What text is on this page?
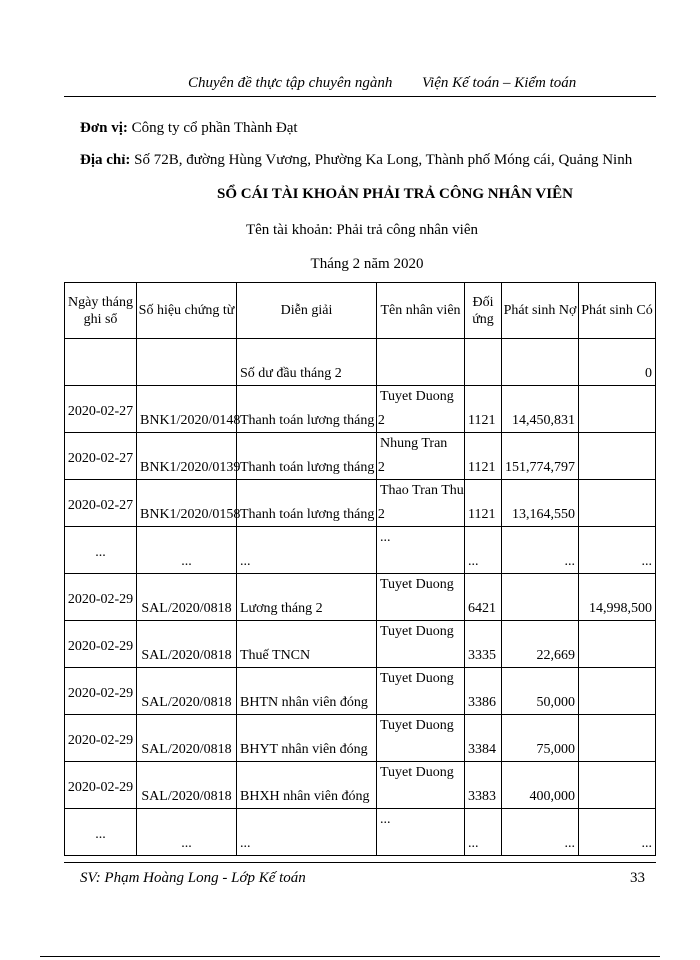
Chuyên đề thực tập chuyên ngành Viện Kế toán – Kiểm toán
Đơn vị: Công ty cổ phần Thành Đạt
Địa chỉ: Số 72B, đường Hùng Vương, Phường Ka Long, Thành phố Móng cái, Quảng Ninh
SỔ CÁI TÀI KHOẢN PHẢI TRẢ CÔNG NHÂN VIÊN
Tên tài khoản: Phải trả công nhân viên
Tháng 2 năm 2020
Ngày tháng ghi sổ	Số hiệu chứng từ	Diễn giải	Tên nhân viên	Đối ứng	Phát sinh Nợ	Phát sinh Có

		Số dư đầu tháng 2				0

2020-02-27	BNK1/2020/0148	Thanh toán lương tháng 2	Tuyet Duong	1121	14,450,831	

2020-02-27	BNK1/2020/0139	Thanh toán lương tháng 2	Nhung Tran	1121	151,774,797	

2020-02-27	BNK1/2020/0158	Thanh toán lương tháng 2	Thao Tran Thu	1121	13,164,550	

...	...	...	...	...	...	...

2020-02-29	SAL/2020/0818	Lương tháng 2	Tuyet Duong	6421		14,998,500

2020-02-29	SAL/2020/0818	Thuế TNCN	Tuyet Duong	3335	22,669	

2020-02-29	SAL/2020/0818	BHTN nhân viên đóng	Tuyet Duong	3386	50,000	

2020-02-29	SAL/2020/0818	BHYT nhân viên đóng	Tuyet Duong	3384	75,000	

2020-02-29	SAL/2020/0818	BHXH nhân viên đóng	Tuyet Duong	3383	400,000	

...	...	...	...	...	...	...
SV: Phạm Hoàng Long - Lớp Kế toán	33
